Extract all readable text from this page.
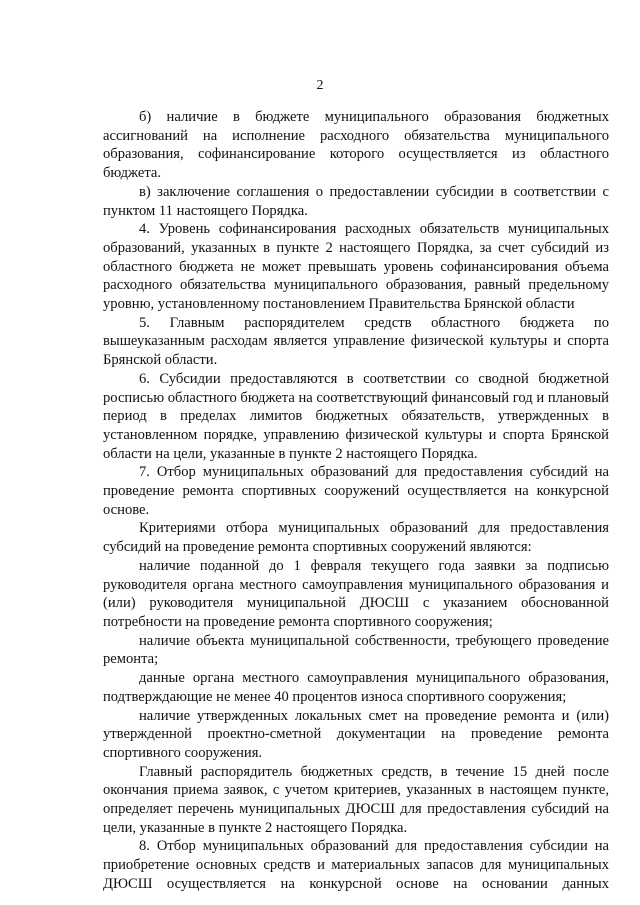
2

б) наличие в бюджете муниципального образования бюджетных ассигнований на исполнение расходного обязательства муниципального образования, софинансирование которого осуществляется из областного бюджета.

в) заключение соглашения о предоставлении субсидии в соответствии с пунктом 11 настоящего Порядка.

4. Уровень софинансирования расходных обязательств муниципальных образований, указанных в пункте 2 настоящего Порядка, за счет субсидий из областного бюджета не может превышать уровень софинансирования объема расходного обязательства муниципального образования, равный предельному уровню, установленному постановлением Правительства Брянской области

5. Главным распорядителем средств областного бюджета по вышеуказанным расходам является управление физической культуры и спорта Брянской области.

6. Субсидии предоставляются в соответствии со сводной бюджетной росписью областного бюджета на соответствующий финансовый год и плановый период в пределах лимитов бюджетных обязательств, утвержденных в установленном порядке, управлению физической культуры и спорта Брянской области на цели, указанные в пункте 2 настоящего Порядка.

7. Отбор муниципальных образований для предоставления субсидий на проведение ремонта спортивных сооружений осуществляется на конкурсной основе.

Критериями отбора муниципальных образований для предоставления субсидий на проведение ремонта спортивных сооружений являются:

наличие поданной до 1 февраля текущего года заявки за подписью руководителя органа местного самоуправления муниципального образования и (или) руководителя муниципальной ДЮСШ с указанием обоснованной потребности на проведение ремонта спортивного сооружения;

наличие объекта муниципальной собственности, требующего проведение ремонта;

данные органа местного самоуправления муниципального образования, подтверждающие не менее 40 процентов износа спортивного сооружения;

наличие утвержденных локальных смет на проведение ремонта и (или) утвержденной проектно-сметной документации на проведение ремонта спортивного сооружения.

Главный распорядитель бюджетных средств, в течение 15 дней после окончания приема заявок, с учетом критериев, указанных в настоящем пункте, определяет перечень муниципальных ДЮСШ для предоставления субсидий на цели, указанные в пункте 2 настоящего Порядка.

8. Отбор муниципальных образований для предоставления субсидии на приобретение основных средств и материальных запасов для муниципальных ДЮСШ осуществляется на конкурсной основе на основании данных
